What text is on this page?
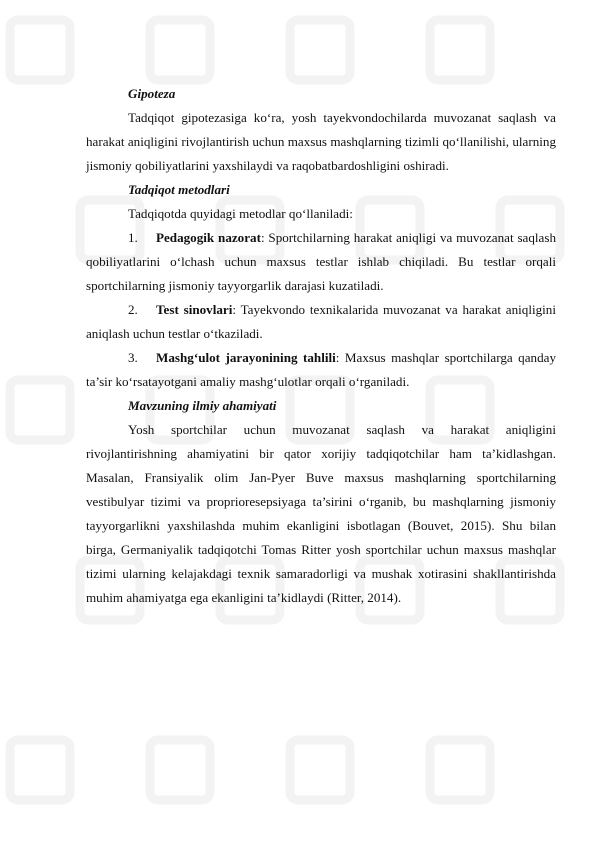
Gipoteza

Tadqiqot gipotezasiga ko‘ra, yosh tayekvondochilarda muvozanat saqlash va harakat aniqligini rivojlantirish uchun maxsus mashqlarning tizimli qo‘llanilishi, ularning jismoniy qobiliyatlarini yaxshilaydi va raqobatbardoshligini oshiradi.

Tadqiqot metodlari

Tadqiqotda quyidagi metodlar qo‘llaniladi:

1. Pedagogik nazorat: Sportchilarning harakat aniqligi va muvozanat saqlash qobiliyatlarini o‘lchash uchun maxsus testlar ishlab chiqiladi. Bu testlar orqali sportchilarning jismoniy tayyorgarlik darajasi kuzatiladi.

2. Test sinovlari: Tayekvondo texnikalarida muvozanat va harakat aniqligini aniqlash uchun testlar o‘tkaziladi.

3. Mashg‘ulot jarayonining tahlili: Maxsus mashqlar sportchilarga qanday ta’sir ko‘rsatayotgani amaliy mashg‘ulotlar orqali o‘rganiladi.

Mavzuning ilmiy ahamiyati

Yosh sportchilar uchun muvozanat saqlash va harakat aniqligini rivojlantirishning ahamiyatini bir qator xorijiy tadqiqotchilar ham ta’kidlashgan. Masalan, Fransiyalik olim Jan-Pyer Buve maxsus mashqlarning sportchilarning vestibulyar tizimi va proprioresepsiyaga ta’sirini o‘rganib, bu mashqlarning jismoniy tayyorgarlikni yaxshilashda muhim ekanligini isbotlagan (Bouvet, 2015). Shu bilan birga, Germaniyalik tadqiqotchi Tomas Ritter yosh sportchilar uchun maxsus mashqlar tizimi ularning kelajakdagi texnik samaradorligi va mushak xotirasini shakllantirishda muhim ahamiyatga ega ekanligini ta’kidlaydi (Ritter, 2014).
